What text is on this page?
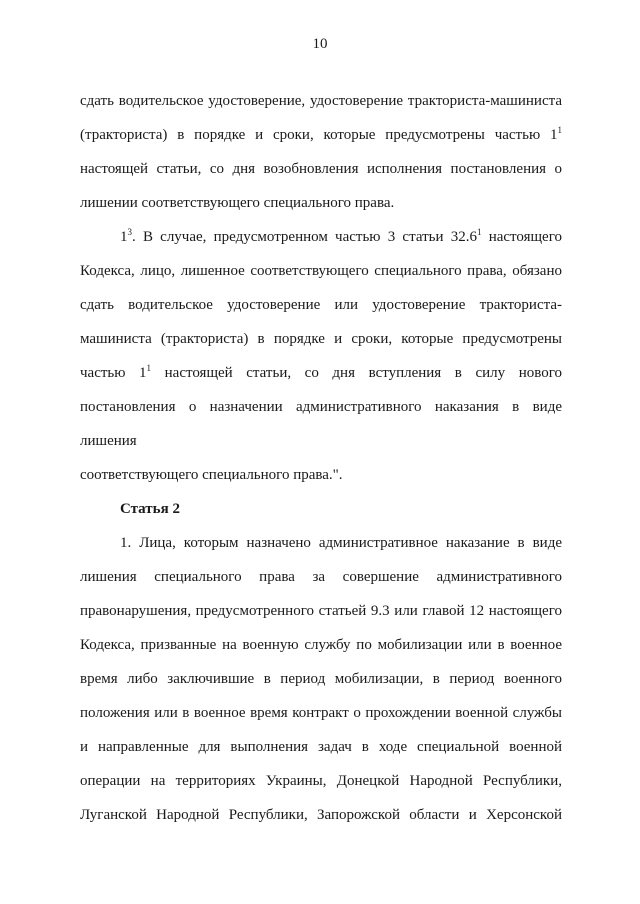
10
сдать водительское удостоверение, удостоверение тракториста-машиниста
(тракториста) в порядке и сроки, которые предусмотрены частью $1^1$
настоящей статьи, со дня возобновления исполнения постановления о
лишении соответствующего специального права.
$1^3$. В случае, предусмотренном частью 3 статьи 32.6$^1$ настоящего
Кодекса, лицо, лишенное соответствующего специального права, обязано
сдать водительское удостоверение или удостоверение тракториста-
машиниста (тракториста) в порядке и сроки, которые предусмотрены
частью $1^1$ настоящей статьи, со дня вступления в силу нового
постановления о назначении административного наказания в виде лишения
соответствующего специального права.".
Статья 2
1. Лица, которым назначено административное наказание в виде
лишения специального права за совершение административного
правонарушения, предусмотренного статьей 9.3 или главой 12 настоящего
Кодекса, призванные на военную службу по мобилизации или в военное
время либо заключившие в период мобилизации, в период военного
положения или в военное время контракт о прохождении военной службы
и направленные для выполнения задач в ходе специальной военной
операции на территориях Украины, Донецкой Народной Республики,
Луганской Народной Республики, Запорожской области и Херсонской
